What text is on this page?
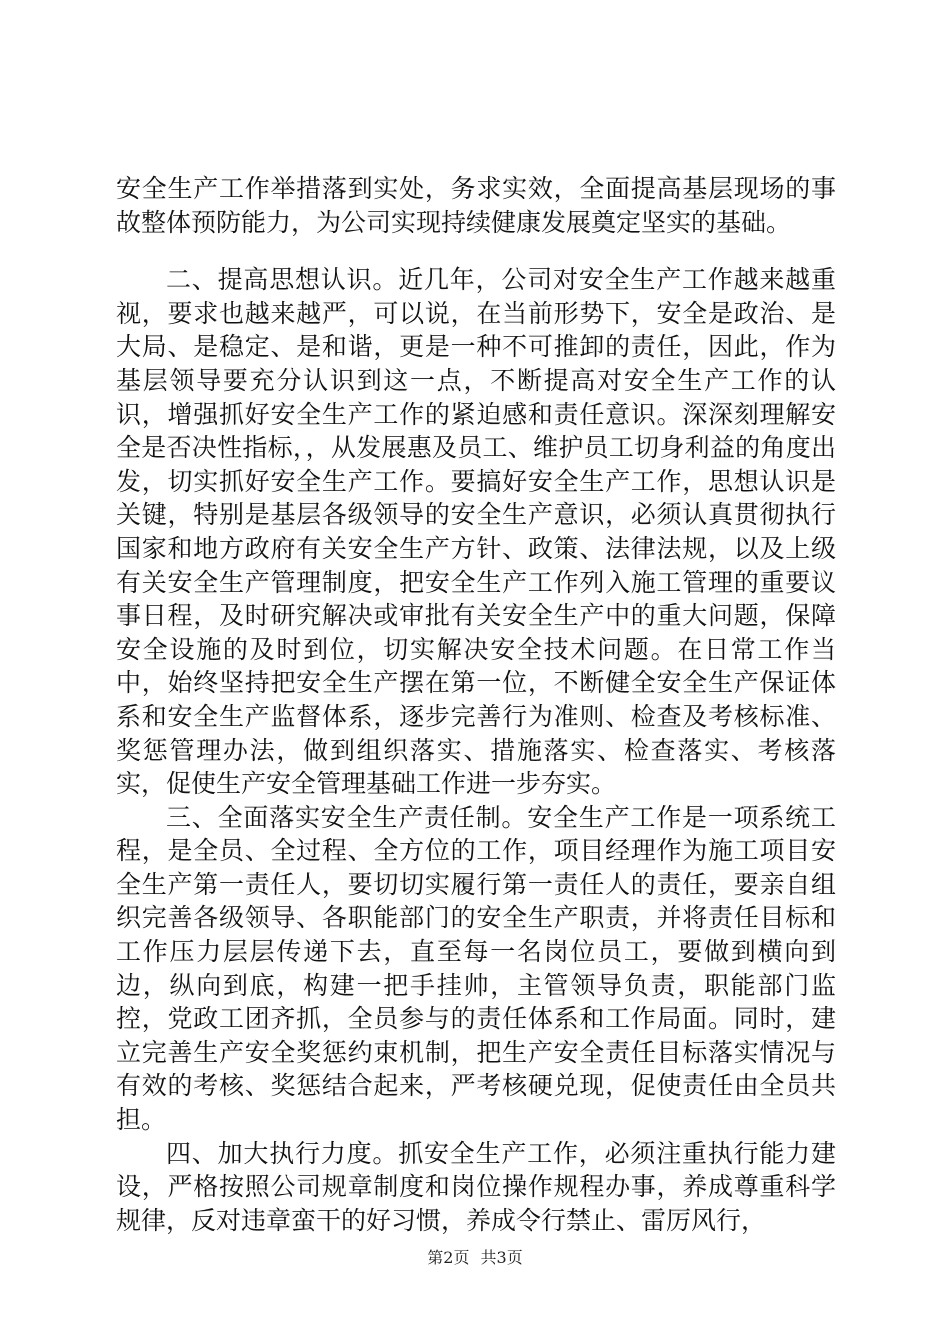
安全生产工作举措落到实处，务求实效，全面提高基层现场的事故整体预防能力，为公司实现持续健康发展奠定坚实的基础。

二、提高思想认识。近几年，公司对安全生产工作越来越重视，要求也越来越严，可以说，在当前形势下，安全是政治、是大局、是稳定、是和谐，更是一种不可推卸的责任，因此，作为基层领导要充分认识到这一点，不断提高对安全生产工作的认识，增强抓好安全生产工作的紧迫感和责任意识。深深刻理解安全是否决性指标，，从发展惠及员工、维护员工切身利益的角度出发，切实抓好安全生产工作。要搞好安全生产工作，思想认识是关键，特别是基层各级领导的安全生产意识，必须认真贯彻执行国家和地方政府有关安全生产方针、政策、法律法规，以及上级有关安全生产管理制度，把安全生产工作列入施工管理的重要议事日程，及时研究解决或审批有关安全生产中的重大问题，保障安全设施的及时到位，切实解决安全技术问题。在日常工作当中，始终坚持把安全生产摆在第一位，不断健全安全生产保证体系和安全生产监督体系，逐步完善行为准则、检查及考核标准、奖惩管理办法，做到组织落实、措施落实、检查落实、考核落实，促使生产安全管理基础工作进一步夯实。

三、全面落实安全生产责任制。安全生产工作是一项系统工程，是全员、全过程、全方位的工作，项目经理作为施工项目安全生产第一责任人，要切切实履行第一责任人的责任，要亲自组织完善各级领导、各职能部门的安全生产职责，并将责任目标和工作压力层层传递下去，直至每一名岗位员工，要做到横向到边，纵向到底，构建一把手挂帅，主管领导负责，职能部门监控，党政工团齐抓，全员参与的责任体系和工作局面。同时，建立完善生产安全奖惩约束机制，把生产安全责任目标落实情况与有效的考核、奖惩结合起来，严考核硬兑现，促使责任由全员共担。

四、加大执行力度。抓安全生产工作，必须注重执行能力建设，严格按照公司规章制度和岗位操作规程办事，养成尊重科学规律，反对违章蛮干的好习惯，养成令行禁止、雷厉风行，

第2页 共3页
